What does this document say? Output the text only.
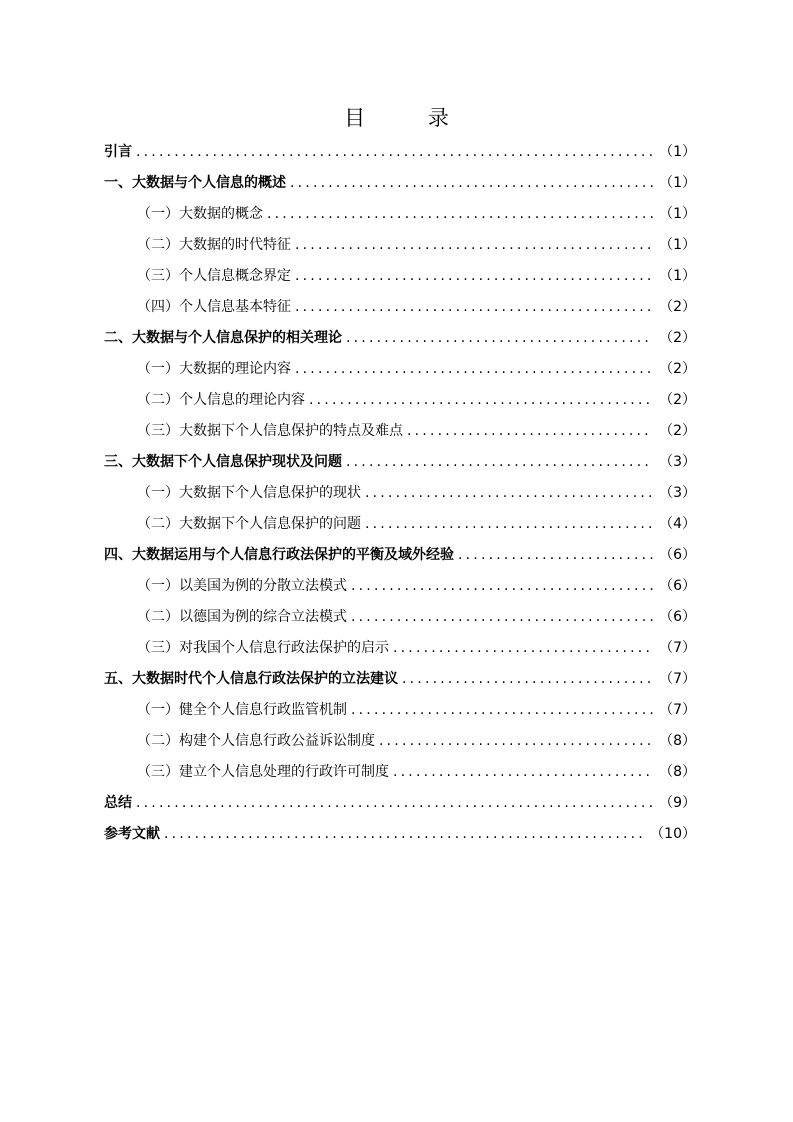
目 录
引言 .....	（1）
一、大数据与个人信息的概述 .....	（1）
（一）大数据的概念 .....	（1）
（二）大数据的时代特征 .....	（1）
（三）个人信息概念界定 .....	（1）
（四）个人信息基本特征 .....	（2）
二、大数据与个人信息保护的相关理论 .....	（2）
（一）大数据的理论内容 .....	（2）
（二）个人信息的理论内容 .....	（2）
（三）大数据下个人信息保护的特点及难点 .....	（2）
三、大数据下个人信息保护现状及问题 .....	（3）
（一）大数据下个人信息保护的现状 .....	（3）
（二）大数据下个人信息保护的问题 .....	（4）
四、大数据运用与个人信息行政法保护的平衡及域外经验 .....	（6）
（一）以美国为例的分散立法模式 .....	（6）
（二）以德国为例的综合立法模式 .....	（6）
（三）对我国个人信息行政法保护的启示 .....	（7）
五、大数据时代个人信息行政法保护的立法建议 .....	（7）
（一）健全个人信息行政监管机制 .....	（7）
（二）构建个人信息行政公益诉讼制度 .....	（8）
（三）建立个人信息处理的行政许可制度 .....	（8）
总结 .....	（9）
参考文献 .....	（10）
